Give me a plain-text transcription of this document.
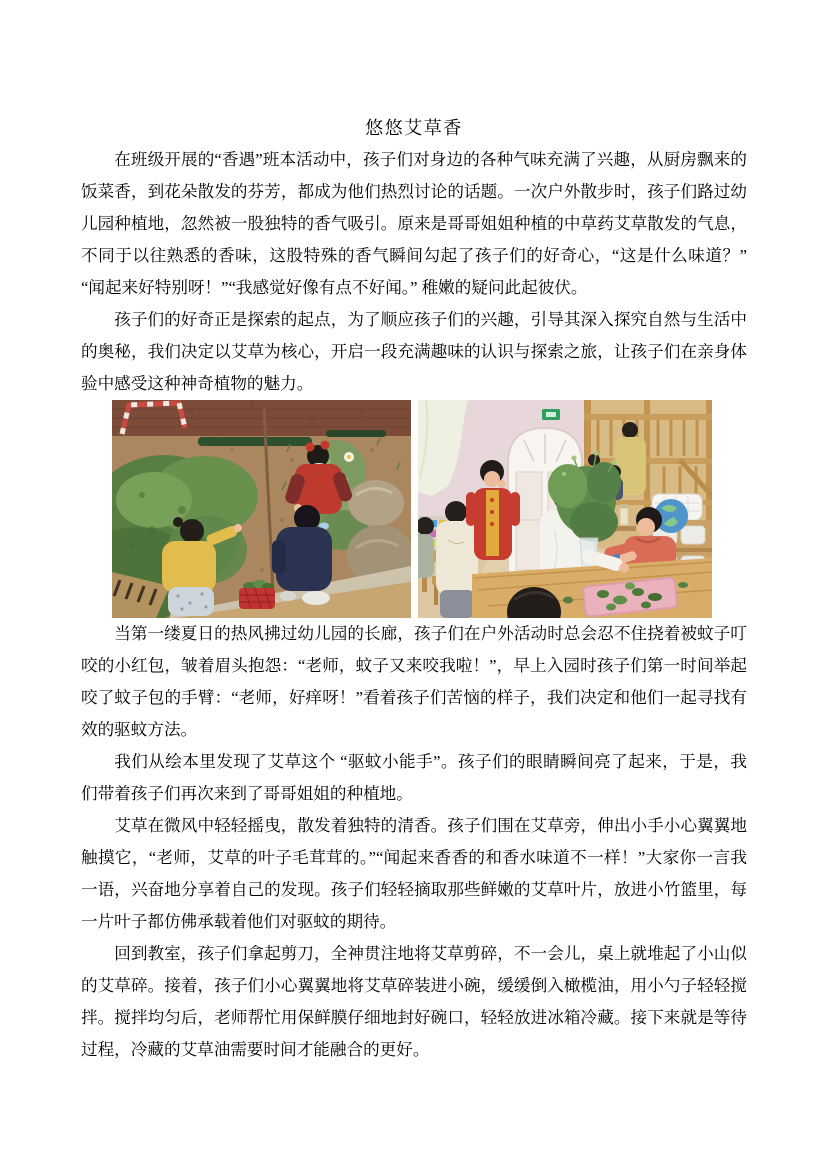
悠悠艾草香

在班级开展的“香遇”班本活动中，孩子们对身边的各种气味充满了兴趣，从厨房飘来的饭菜香，到花朵散发的芬芳，都成为他们热烈讨论的话题。一次户外散步时，孩子们路过幼儿园种植地，忽然被一股独特的香气吸引。原来是哥哥姐姐种植的中草药艾草散发的气息，不同于以往熟悉的香味，这股特殊的香气瞬间勾起了孩子们的好奇心，“这是什么味道？”“闻起来好特别呀！”“我感觉好像有点不好闻。” 稚嫩的疑问此起彼伏。

孩子们的好奇正是探索的起点，为了顺应孩子们的兴趣，引导其深入探究自然与生活中的奥秘，我们决定以艾草为核心，开启一段充满趣味的认识与探索之旅，让孩子们在亲身体验中感受这种神奇植物的魅力。

当第一缕夏日的热风拂过幼儿园的长廊，孩子们在户外活动时总会忍不住挠着被蚊子叮咬的小红包，皱着眉头抱怨：“老师，蚊子又来咬我啦！”，早上入园时孩子们第一时间举起咬了蚊子包的手臂：“老师，好痒呀！”看着孩子们苦恼的样子，我们决定和他们一起寻找有效的驱蚊方法。

我们从绘本里发现了艾草这个 “驱蚊小能手”。孩子们的眼睛瞬间亮了起来，于是，我们带着孩子们再次来到了哥哥姐姐的种植地。

艾草在微风中轻轻摇曳，散发着独特的清香。孩子们围在艾草旁，伸出小手小心翼翼地触摸它，“老师，艾草的叶子毛茸茸的。”“闻起来香香的和香水味道不一样！”大家你一言我一语，兴奋地分享着自己的发现。孩子们轻轻摘取那些鲜嫩的艾草叶片，放进小竹篮里，每一片叶子都仿佛承载着他们对驱蚊的期待。

回到教室，孩子们拿起剪刀，全神贯注地将艾草剪碎，不一会儿，桌上就堆起了小山似的艾草碎。接着，孩子们小心翼翼地将艾草碎装进小碗，缓缓倒入橄榄油，用小勺子轻轻搅拌。搅拌均匀后，老师帮忙用保鲜膜仔细地封好碗口，轻轻放进冰箱冷藏。接下来就是等待过程，冷藏的艾草油需要时间才能融合的更好。
